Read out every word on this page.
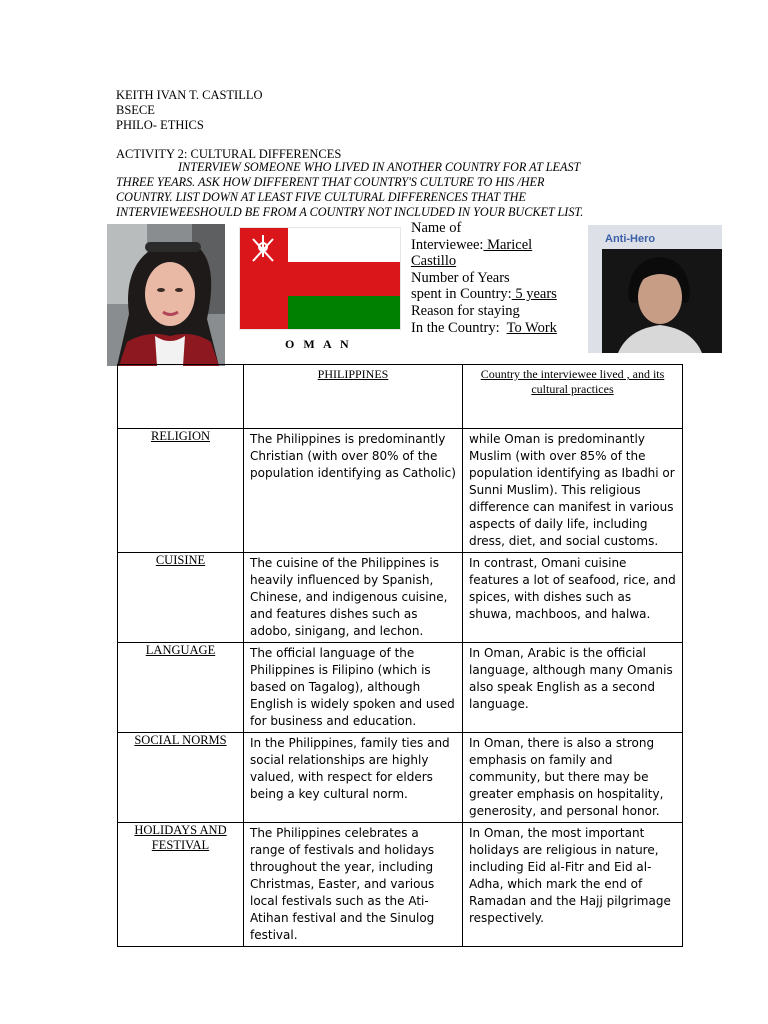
KEITH IVAN T. CASTILLO
BSECE
PHILO- ETHICS
ACTIVITY 2: CULTURAL DIFFERENCES
INTERVIEW SOMEONE WHO LIVED IN ANOTHER COUNTRY FOR AT LEAST
THREE YEARS. ASK HOW DIFFERENT THAT COUNTRY'S CULTURE TO HIS /HER
COUNTRY. LIST DOWN AT LEAST FIVE CULTURAL DIFFERENCES THAT THE
INTERVIEWEESHOULD BE FROM A COUNTRY NOT INCLUDED IN YOUR BUCKET LIST.
O M A N
Name of
Interviewee: Maricel
Castillo
Number of Years
spent in Country: 5 years
Reason for staying
In the Country:  To Work
Anti-Hero
	PHILIPPINES	Country the interviewee lived , and its cultural practices
RELIGION	The Philippines is predominantly Christian (with over 80% of the population identifying as Catholic)	while Oman is predominantly Muslim (with over 85% of the population identifying as Ibadhi or Sunni Muslim). This religious difference can manifest in various aspects of daily life, including dress, diet, and social customs.
CUISINE	The cuisine of the Philippines is heavily influenced by Spanish, Chinese, and indigenous cuisine, and features dishes such as adobo, sinigang, and lechon.	In contrast, Omani cuisine features a lot of seafood, rice, and spices, with dishes such as shuwa, machboos, and halwa.
LANGUAGE	The official language of the Philippines is Filipino (which is based on Tagalog), although English is widely spoken and used for business and education.	In Oman, Arabic is the official language, although many Omanis also speak English as a second language.
SOCIAL NORMS	In the Philippines, family ties and social relationships are highly valued, with respect for elders being a key cultural norm.	In Oman, there is also a strong emphasis on family and community, but there may be greater emphasis on hospitality, generosity, and personal honor.
HOLIDAYS AND FESTIVAL	The Philippines celebrates a range of festivals and holidays throughout the year, including Christmas, Easter, and various local festivals such as the Ati-Atihan festival and the Sinulog festival.	In Oman, the most important holidays are religious in nature, including Eid al-Fitr and Eid al-Adha, which mark the end of Ramadan and the Hajj pilgrimage respectively.
